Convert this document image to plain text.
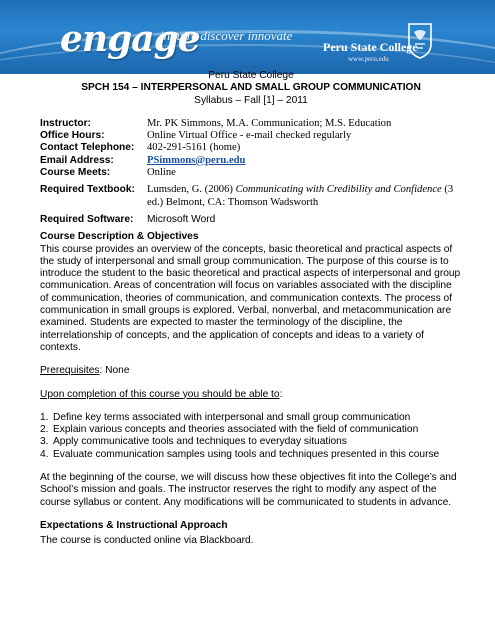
engage
inquire discover innovate
Peru State College
www.peru.edu
Peru State College
SPCH 154 – INTERPERSONAL AND SMALL GROUP COMMUNICATION
Syllabus – Fall [1] – 2011
Instructor:	Mr. PK Simmons, M.A. Communication; M.S. Education
Office Hours:	Online Virtual Office - e-mail checked regularly
Contact Telephone:	402-291-5161 (home)
Email Address:	PSimmons@peru.edu
Course Meets:	Online
Required Textbook:	Lumsden, G. (2006) Communicating with Credibility and Confidence (3 ed.) Belmont, CA: Thomson Wadsworth
Required Software:	Microsoft Word
Course Description & Objectives
This course provides an overview of the concepts, basic theoretical and practical aspects of the study of interpersonal and small group communication. The purpose of this course is to introduce the student to the basic theoretical and practical aspects of interpersonal and group communication. Areas of concentration will focus on variables associated with the discipline of communication, theories of communication, and communication contexts. The process of communication in small groups is explored. Verbal, nonverbal, and metacommunication are examined. Students are expected to master the terminology of the discipline, the interrelationship of concepts, and the application of concepts and ideas to a variety of contexts.
Prerequisites: None
Upon completion of this course you should be able to:
1. Define key terms associated with interpersonal and small group communication
2. Explain various concepts and theories associated with the field of communication
3. Apply communicative tools and techniques to everyday situations
4. Evaluate communication samples using tools and techniques presented in this course
At the beginning of the course, we will discuss how these objectives fit into the College’s and School’s mission and goals. The instructor reserves the right to modify any aspect of the course syllabus or content. Any modifications will be communicated to students in advance.
Expectations & Instructional Approach
The course is conducted online via Blackboard.
